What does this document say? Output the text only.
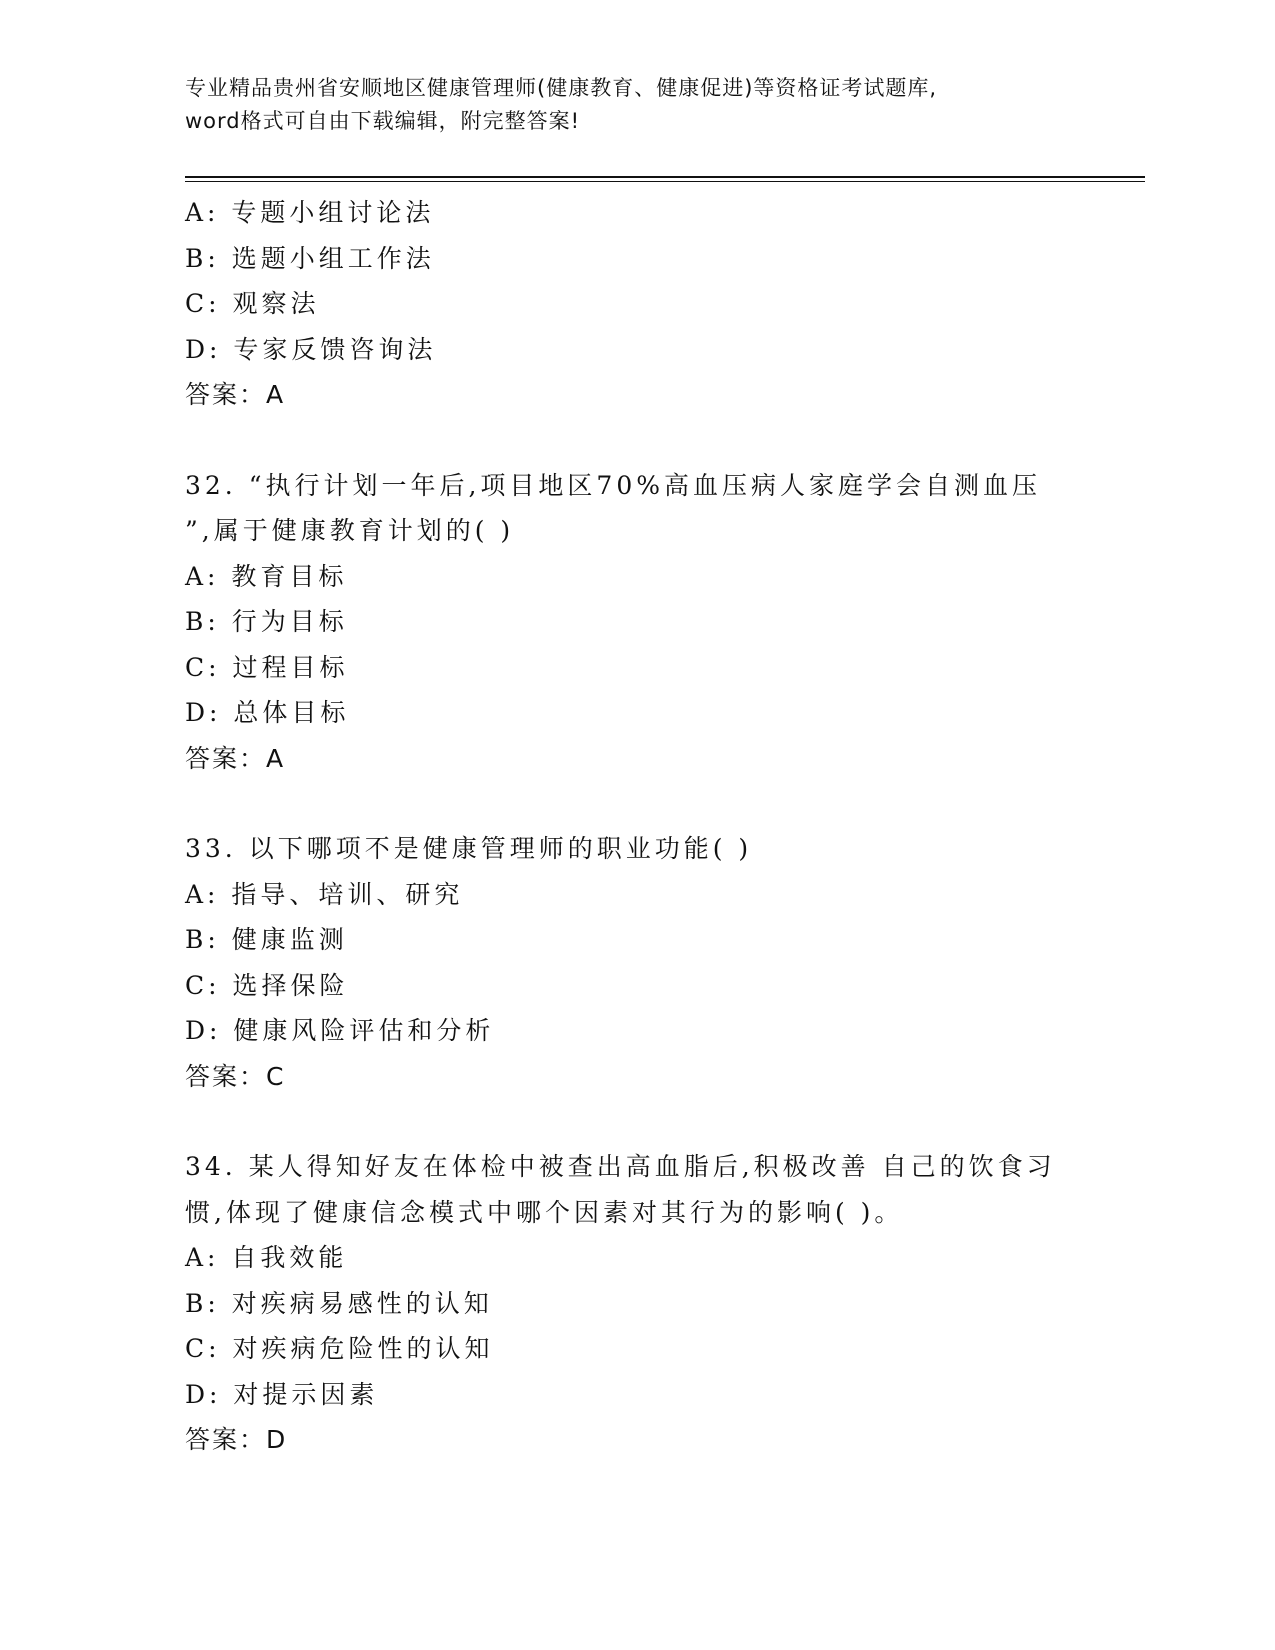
专业精品贵州省安顺地区健康管理师(健康教育、健康促进)等资格证考试题库,
word格式可自由下载编辑，附完整答案!
A: 专题小组讨论法
B: 选题小组工作法
C: 观察法
D: 专家反馈咨询法
答案：A
32. “执行计划一年后,项目地区70%高血压病人家庭学会自测血压
”,属于健康教育计划的( )
A: 教育目标
B: 行为目标
C: 过程目标
D: 总体目标
答案：A
33. 以下哪项不是健康管理师的职业功能( )
A: 指导、培训、研究
B: 健康监测
C: 选择保险
D: 健康风险评估和分析
答案：C
34. 某人得知好友在体检中被查出高血脂后,积极改善 自己的饮食习
惯,体现了健康信念模式中哪个因素对其行为的影响( )。
A: 自我效能
B: 对疾病易感性的认知
C: 对疾病危险性的认知
D: 对提示因素
答案：D
